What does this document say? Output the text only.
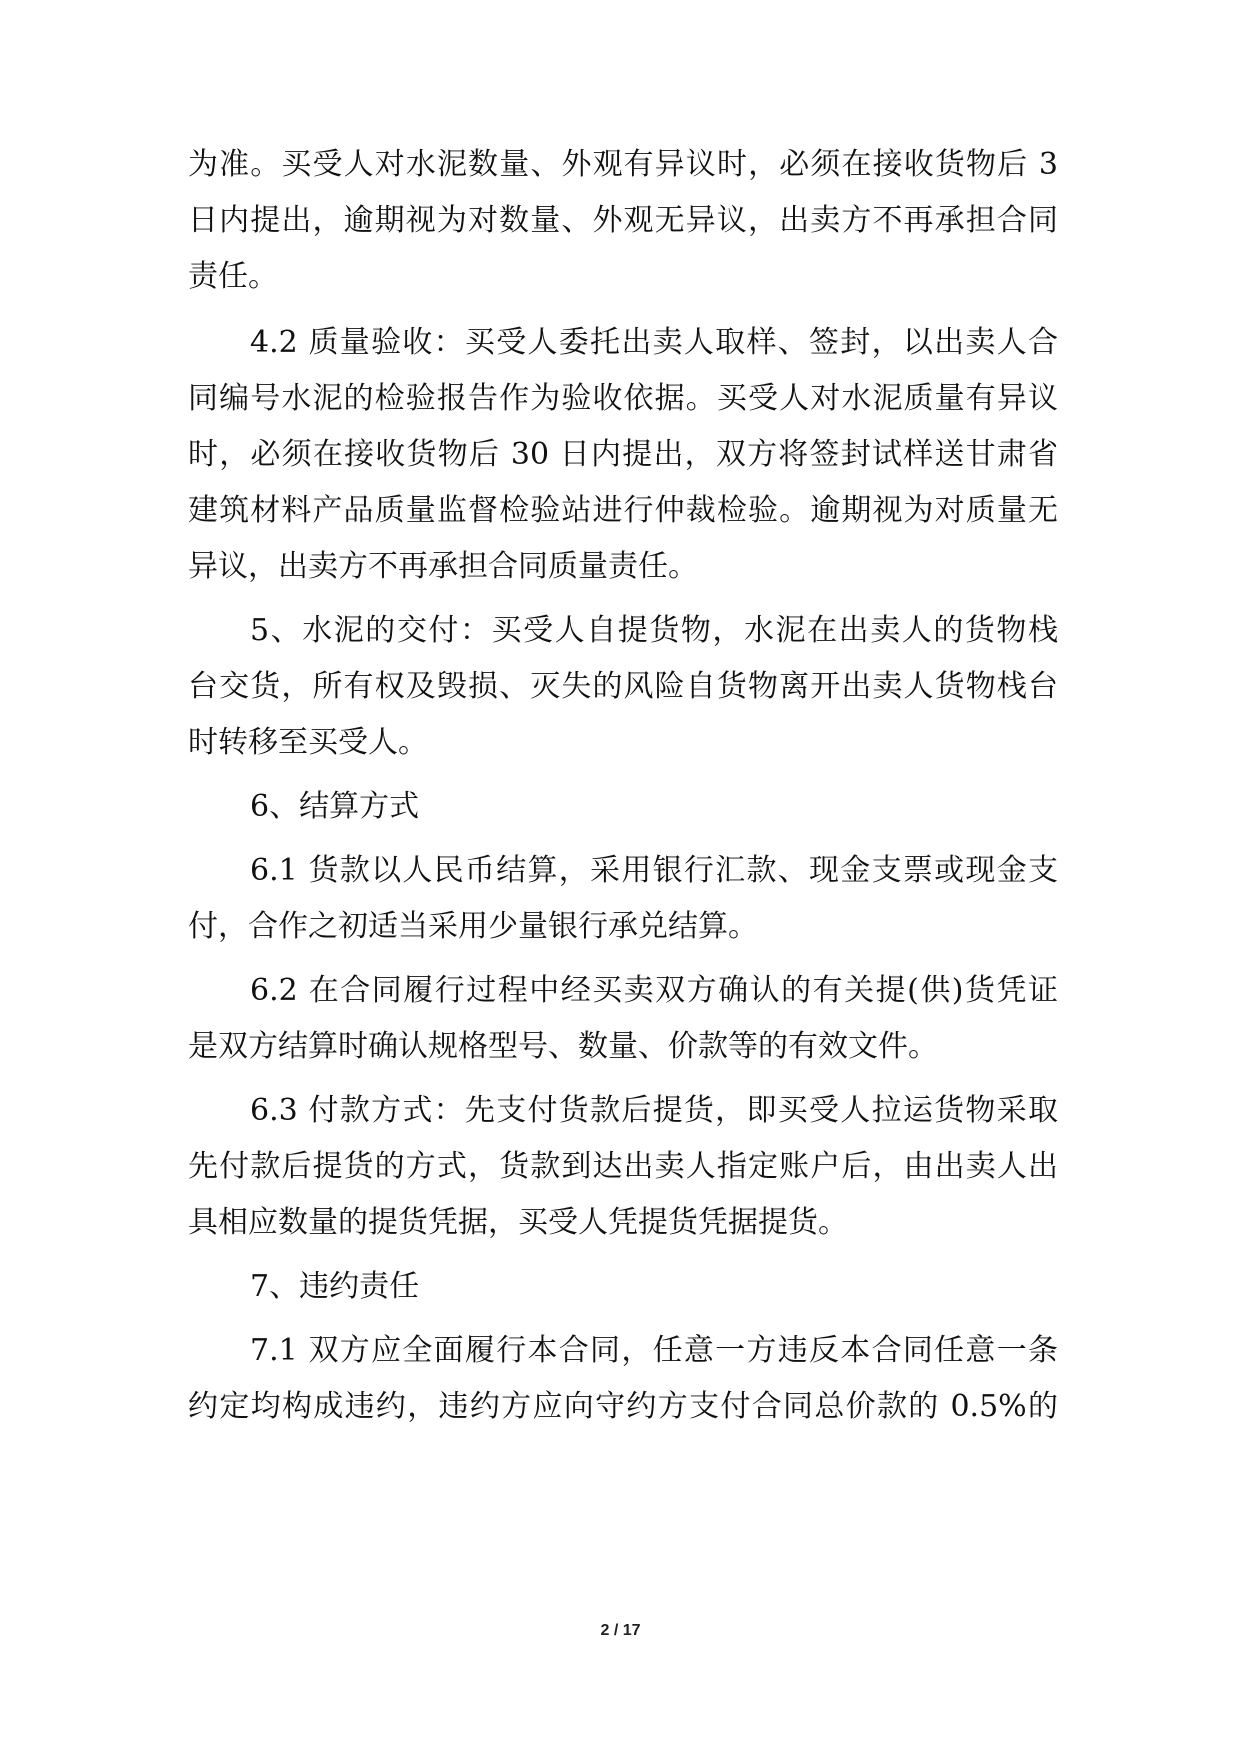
为准。买受人对水泥数量、外观有异议时，必须在接收货物后 3
日内提出，逾期视为对数量、外观无异议，出卖方不再承担合同
责任。
4.2 质量验收：买受人委托出卖人取样、签封，以出卖人合
同编号水泥的检验报告作为验收依据。买受人对水泥质量有异议
时，必须在接收货物后 30 日内提出，双方将签封试样送甘肃省
建筑材料产品质量监督检验站进行仲裁检验。逾期视为对质量无
异议，出卖方不再承担合同质量责任。
5、水泥的交付：买受人自提货物，水泥在出卖人的货物栈
台交货，所有权及毁损、灭失的风险自货物离开出卖人货物栈台
时转移至买受人。
6、结算方式
6.1 货款以人民币结算，采用银行汇款、现金支票或现金支
付，合作之初适当采用少量银行承兑结算。
6.2 在合同履行过程中经买卖双方确认的有关提(供)货凭证
是双方结算时确认规格型号、数量、价款等的有效文件。
6.3 付款方式：先支付货款后提货，即买受人拉运货物采取
先付款后提货的方式，货款到达出卖人指定账户后，由出卖人出
具相应数量的提货凭据，买受人凭提货凭据提货。
7、违约责任
7.1 双方应全面履行本合同，任意一方违反本合同任意一条
约定均构成违约，违约方应向守约方支付合同总价款的 0.5%的
2 / 17
